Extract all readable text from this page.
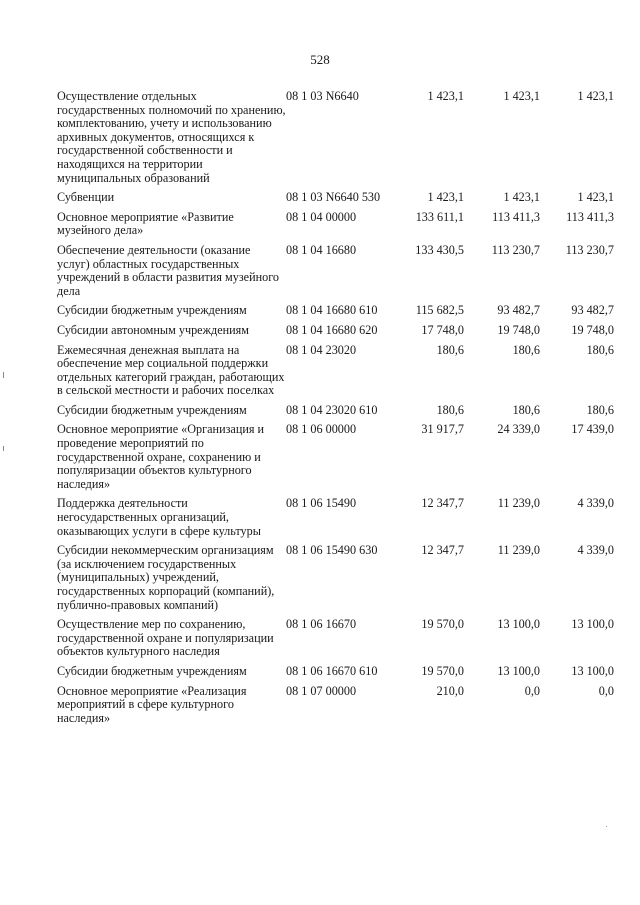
528
Осуществление отдельных государственных полномочий по хранению, комплектованию, учету и использованию архивных документов, относящихся к государственной собственности и находящихся на территории муниципальных образований	08 1 03 N6640	1 423,1	1 423,1	1 423,1
Субвенции	08 1 03 N6640 530	1 423,1	1 423,1	1 423,1
Основное мероприятие «Развитие музейного дела»	08 1 04 00000	133 611,1	113 411,3	113 411,3
Обеспечение деятельности (оказание услуг) областных государственных учреждений в области развития музейного дела	08 1 04 16680	133 430,5	113 230,7	113 230,7
Субсидии бюджетным учреждениям	08 1 04 16680 610	115 682,5	93 482,7	93 482,7
Субсидии автономным учреждениям	08 1 04 16680 620	17 748,0	19 748,0	19 748,0
Ежемесячная денежная выплата на обеспечение мер социальной поддержки отдельных категорий граждан, работающих в сельской местности и рабочих поселках	08 1 04 23020	180,6	180,6	180,6
Субсидии бюджетным учреждениям	08 1 04 23020 610	180,6	180,6	180,6
Основное мероприятие «Организация и проведение мероприятий по государственной охране, сохранению и популяризации объектов культурного наследия»	08 1 06 00000	31 917,7	24 339,0	17 439,0
Поддержка деятельности негосударственных организаций, оказывающих услуги в сфере культуры	08 1 06 15490	12 347,7	11 239,0	4 339,0
Субсидии некоммерческим организациям (за исключением государственных (муниципальных) учреждений, государственных корпораций (компаний), публично-правовых компаний)	08 1 06 15490 630	12 347,7	11 239,0	4 339,0
Осуществление мер по сохранению, государственной охране и популяризации объектов культурного наследия	08 1 06 16670	19 570,0	13 100,0	13 100,0
Субсидии бюджетным учреждениям	08 1 06 16670 610	19 570,0	13 100,0	13 100,0
Основное мероприятие «Реализация мероприятий в сфере культурного наследия»	08 1 07 00000	210,0	0,0	0,0
